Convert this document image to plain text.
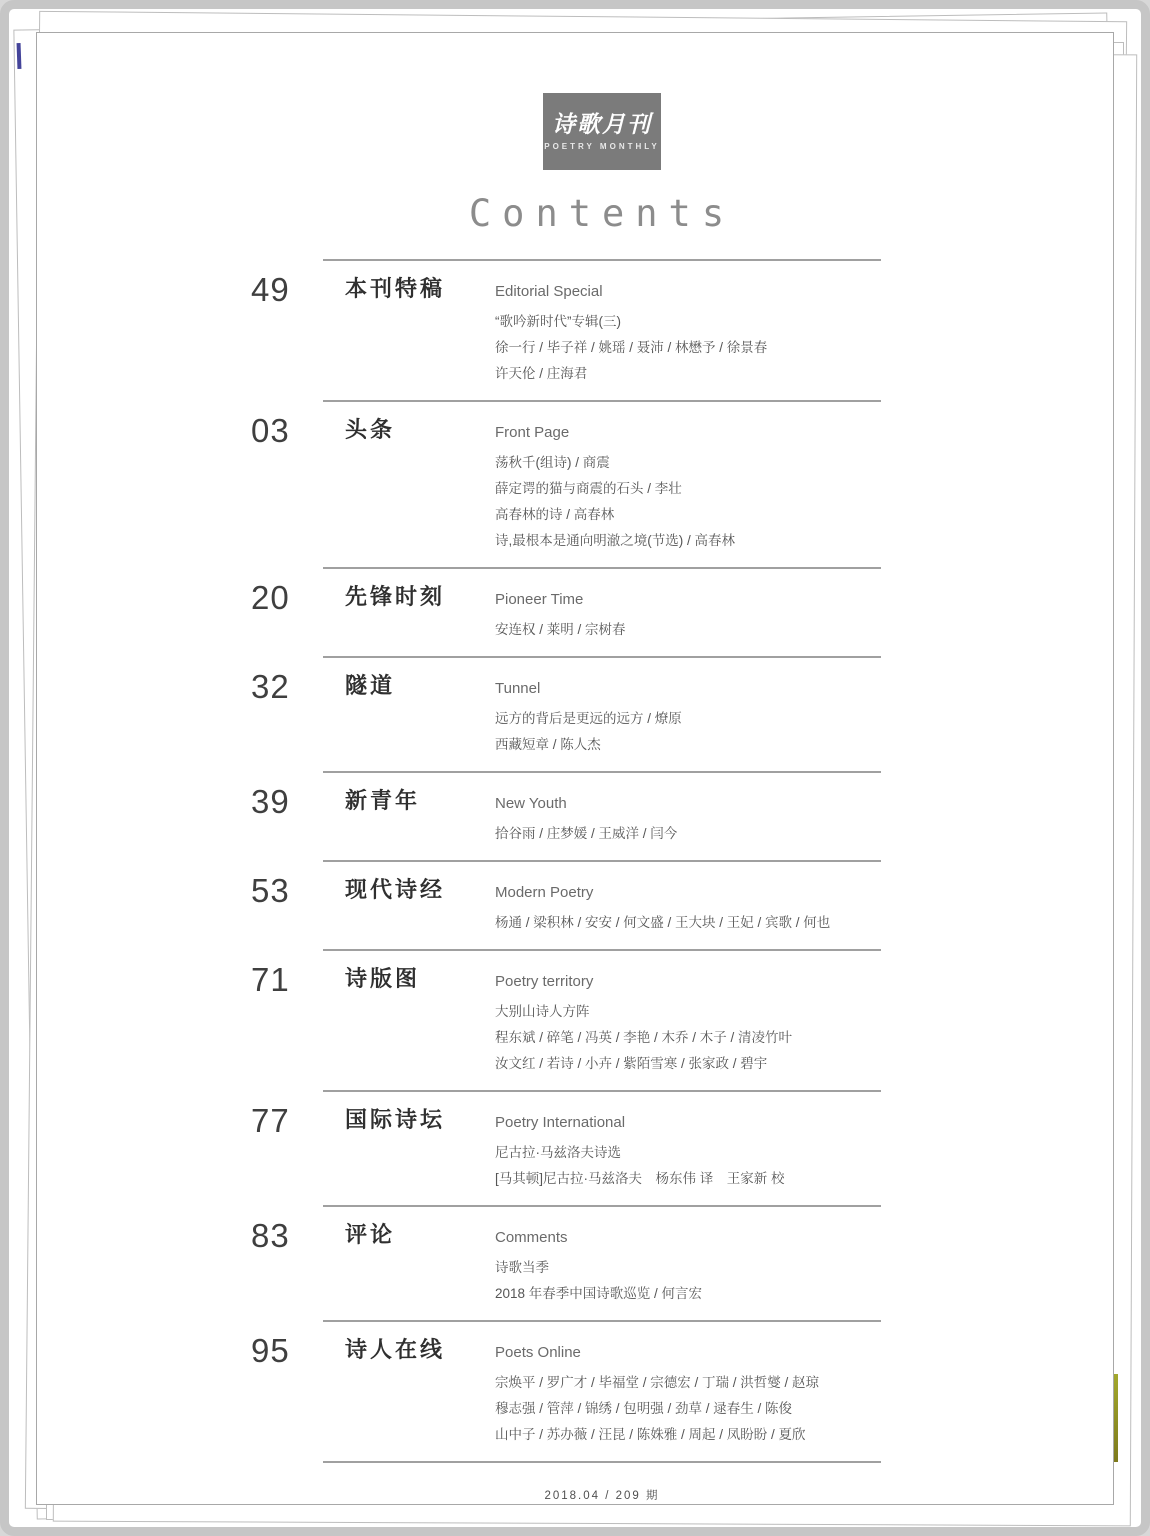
诗歌月刊
POETRY MONTHLY
Contents
49	本刊特稿	Editorial Special
“歌吟新时代”专辑(三)
徐一行 / 毕子祥 / 姚瑶 / 聂沛 / 林懋予 / 徐景春
许天伦 / 庄海君
03	头条	Front Page
荡秋千(组诗) / 商震
薛定谔的猫与商震的石头 / 李壮
高春林的诗 / 高春林
诗,最根本是通向明澈之境(节选) / 高春林
20	先锋时刻	Pioneer Time
安连权 / 莱明 / 宗树春
32	隧道	Tunnel
远方的背后是更远的远方 / 燎原
西藏短章 / 陈人杰
39	新青年	New Youth
拾谷雨 / 庄梦媛 / 王威洋 / 闫今
53	现代诗经	Modern Poetry
杨通 / 梁积林 / 安安 / 何文盛 / 王大块 / 王妃 / 宾歌 / 何也
71	诗版图	Poetry territory
大别山诗人方阵
程东斌 / 碎笔 / 冯英 / 李艳 / 木乔 / 木子 / 清凌竹叶
汝文红 / 若诗 / 小卉 / 紫陌雪寒 / 张家政 / 碧宇
77	国际诗坛	Poetry International
尼古拉·马兹洛夫诗选
[马其顿]尼古拉·马兹洛夫　杨东伟 译　王家新 校
83	评论	Comments
诗歌当季
2018 年春季中国诗歌巡览 / 何言宏
95	诗人在线	Poets Online
宗焕平 / 罗广才 / 毕福堂 / 宗德宏 / 丁瑞 / 洪哲燮 / 赵琼
穆志强 / 管萍 / 锦绣 / 包明强 / 劲草 / 逯春生 / 陈俊
山中子 / 苏办薇 / 汪昆 / 陈姝雅 / 周起 / 凤盼盼 / 夏欣
2018.04 / 209 期
